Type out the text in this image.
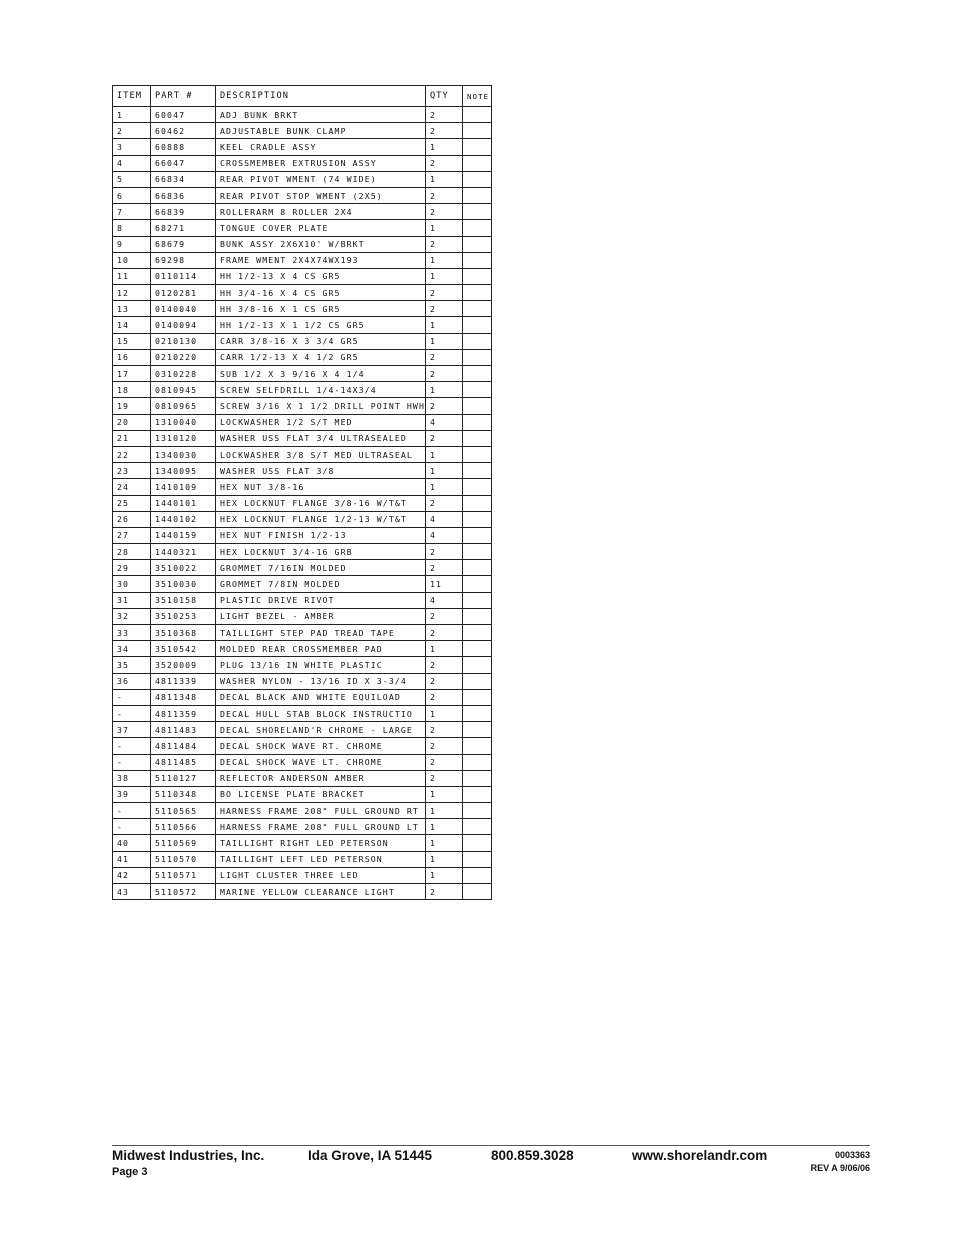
ITEM	PART #	DESCRIPTION	QTY	NOTE
1	60047	ADJ BUNK BRKT	2	
2	60462	ADJUSTABLE BUNK CLAMP	2	
3	60888	KEEL CRADLE ASSY	1	
4	66047	CROSSMEMBER EXTRUSION ASSY	2	
5	66834	REAR PIVOT WMENT (74 WIDE)	1	
6	66836	REAR PIVOT STOP WMENT (2X5)	2	
7	66839	ROLLERARM 8 ROLLER 2X4	2	
8	68271	TONGUE COVER PLATE	1	
9	68679	BUNK ASSY 2X6X10' W/BRKT	2	
10	69298	FRAME WMENT 2X4X74WX193	1	
11	0110114	HH 1/2-13 X 4 CS GR5	1	
12	0120281	HH 3/4-16 X 4 CS GR5	2	
13	0140040	HH 3/8-16 X 1 CS GR5	2	
14	0140094	HH 1/2-13 X 1 1/2 CS GR5	1	
15	0210130	CARR 3/8-16 X 3 3/4 GR5	1	
16	0210220	CARR 1/2-13 X 4 1/2 GR5	2	
17	0310228	SUB 1/2 X 3 9/16 X 4 1/4	2	
18	0810945	SCREW SELFDRILL 1/4-14X3/4	1	
19	0810965	SCREW 3/16 X 1 1/2 DRILL POINT HWH	2	
20	1310040	LOCKWASHER 1/2 S/T MED	4	
21	1310120	WASHER USS FLAT 3/4 ULTRASEALED	2	
22	1340030	LOCKWASHER 3/8 S/T MED ULTRASEAL	1	
23	1340095	WASHER USS FLAT 3/8	1	
24	1410109	HEX NUT 3/8-16	1	
25	1440101	HEX LOCKNUT FLANGE 3/8-16 W/T&T	2	
26	1440102	HEX LOCKNUT FLANGE 1/2-13 W/T&T	4	
27	1440159	HEX NUT FINISH 1/2-13	4	
28	1440321	HEX LOCKNUT 3/4-16 GRB	2	
29	3510022	GROMMET 7/16IN MOLDED	2	
30	3510030	GROMMET 7/8IN MOLDED	11	
31	3510158	PLASTIC DRIVE RIVOT	4	
32	3510253	LIGHT BEZEL - AMBER	2	
33	3510368	TAILLIGHT STEP PAD TREAD TAPE	2	
34	3510542	MOLDED REAR CROSSMEMBER PAD	1	
35	3520009	PLUG 13/16 IN WHITE PLASTIC	2	
36	4811339	WASHER NYLON - 13/16 ID X 3-3/4	2	
-	4811348	DECAL BLACK AND WHITE EQUILOAD	2	
-	4811359	DECAL HULL STAB BLOCK INSTRUCTIO	1	
37	4811483	DECAL SHORELAND'R CHROME - LARGE	2	
-	4811484	DECAL SHOCK WAVE RT. CHROME	2	
-	4811485	DECAL SHOCK WAVE LT. CHROME	2	
38	5110127	REFLECTOR ANDERSON AMBER	2	
39	5110348	BO LICENSE PLATE BRACKET	1	
-	5110565	HARNESS FRAME 208" FULL GROUND RT	1	
-	5110566	HARNESS FRAME 208" FULL GROUND LT	1	
40	5110569	TAILLIGHT RIGHT LED PETERSON	1	
41	5110570	TAILLIGHT LEFT LED PETERSON	1	
42	5110571	LIGHT CLUSTER THREE LED	1	
43	5110572	MARINE YELLOW CLEARANCE LIGHT	2	
Midwest Industries, Inc.	Ida Grove, IA 51445	800.859.3028	www.shorelandr.com
Page 3
0003363
REV A 9/06/06
